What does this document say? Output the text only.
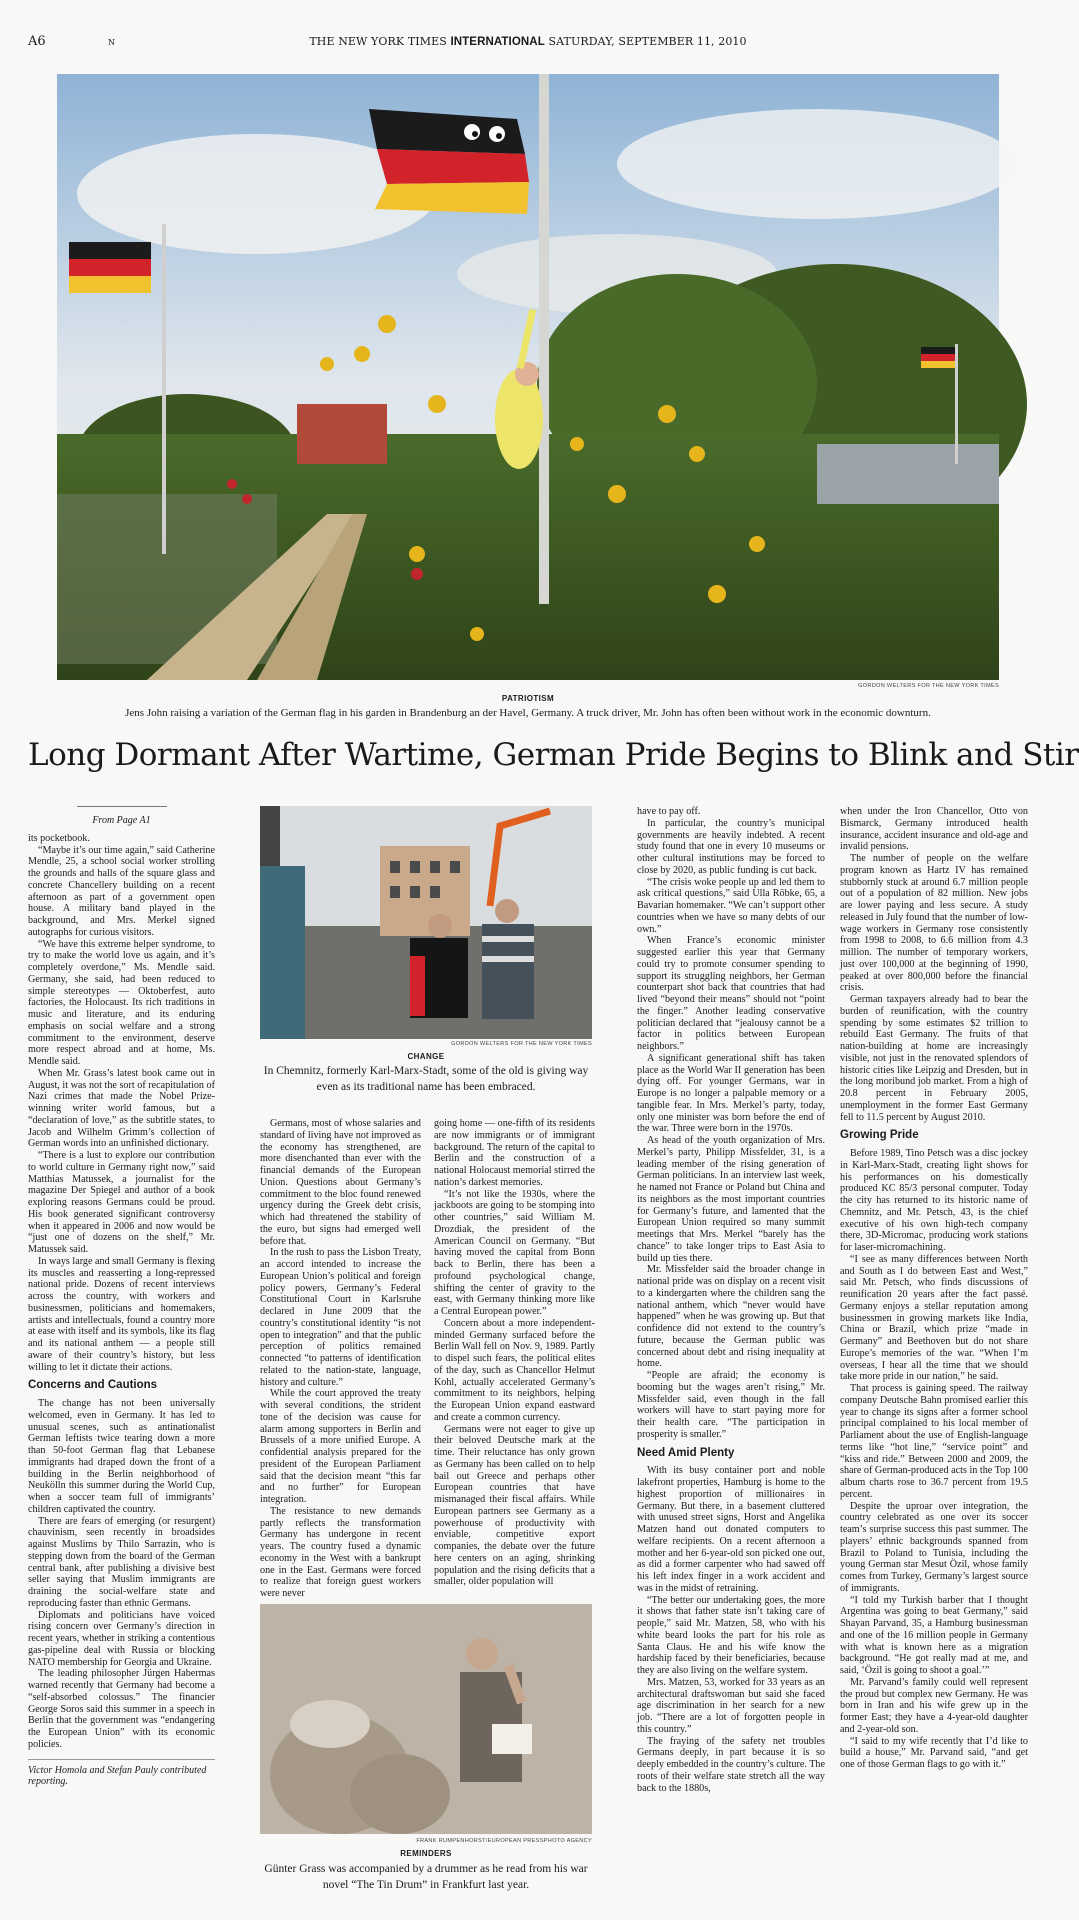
A6	N	THE NEW YORK TIMES INTERNATIONAL SATURDAY, SEPTEMBER 11, 2010
GORDON WELTERS FOR THE NEW YORK TIMES
PATRIOTISM
Jens John raising a variation of the German flag in his garden in Brandenburg an der Havel, Germany. A truck driver, Mr. John has often been without work in the economic downturn.
Long Dormant After Wartime, German Pride Begins to Blink and Stir
GORDON WELTERS FOR THE NEW YORK TIMES
CHANGE
In Chemnitz, formerly Karl-Marx-Stadt, some of the old is giving way even as its traditional name has been embraced.
FRANK RUMPENHORST/EUROPEAN PRESSPHOTO AGENCY
REMINDERS
Günter Grass was accompanied by a drummer as he read from his war novel “The Tin Drum” in Frankfurt last year.
From Page A1

its pocketbook.

“Maybe it’s our time again,” said Catherine Mendle, 25, a school social worker strolling the grounds and halls of the square glass and concrete Chancellery building on a recent afternoon as part of a government open house. A military band played in the background, and Mrs. Merkel signed autographs for curious visitors.

“We have this extreme helper syndrome, to try to make the world love us again, and it’s completely overdone,” Ms. Mendle said. Germany, she said, had been reduced to simple stereotypes — Oktoberfest, auto factories, the Holocaust. Its rich traditions in music and literature, and its enduring emphasis on social welfare and a strong commitment to the environment, deserve more respect abroad and at home, Ms. Mendle said.

When Mr. Grass’s latest book came out in August, it was not the sort of recapitulation of Nazi crimes that made the Nobel Prize-winning writer world famous, but a “declaration of love,” as the subtitle states, to Jacob and Wilhelm Grimm’s collection of German words into an unfinished dictionary.

“There is a lust to explore our contribution to world culture in Germany right now,” said Matthias Matussek, a journalist for the magazine Der Spiegel and author of a book exploring reasons Germans could be proud. His book generated significant controversy when it appeared in 2006 and now would be “just one of dozens on the shelf,” Mr. Matussek said.

In ways large and small Germany is flexing its muscles and reasserting a long-repressed national pride. Dozens of recent interviews across the country, with workers and businessmen, politicians and homemakers, artists and intellectuals, found a country more at ease with itself and its symbols, like its flag and its national anthem — a people still aware of their country’s history, but less willing to let it dictate their actions.

Concerns and Cautions

The change has not been universally welcomed, even in Germany. It has led to unusual scenes, such as antinationalist German leftists twice tearing down a more than 50-foot German flag that Lebanese immigrants had draped down the front of a building in the Berlin neighborhood of Neukölln this summer during the World Cup, when a soccer team full of immigrants’ children captivated the country.

There are fears of emerging (or resurgent) chauvinism, seen recently in broadsides against Muslims by Thilo Sarrazin, who is stepping down from the board of the German central bank, after publishing a divisive best seller saying that Muslim immigrants are draining the social-welfare state and reproducing faster than ethnic Germans.

Diplomats and politicians have voiced rising concern over Germany’s direction in recent years, whether in striking a contentious gas-pipeline deal with Russia or blocking NATO membership for Georgia and Ukraine.

The leading philosopher Jürgen Habermas warned recently that Germany had become a “self-absorbed colossus.” The financier George Soros said this summer in a speech in Berlin that the government was “endangering the European Union” with its economic policies.

Victor Homola and Stefan Pauly contributed reporting.

Germans, most of whose salaries and standard of living have not improved as the economy has strengthened, are more disenchanted than ever with the financial demands of the European Union. Questions about Germany’s commitment to the bloc found renewed urgency during the Greek debt crisis, which had threatened the stability of the euro, but signs had emerged well before that.

In the rush to pass the Lisbon Treaty, an accord intended to increase the European Union’s political and foreign policy powers, Germany’s Federal Constitutional Court in Karlsruhe declared in June 2009 that the country’s constitutional identity “is not open to integration” and that the public perception of politics remained connected “to patterns of identification related to the nation-state, language, history and culture.”

While the court approved the treaty with several conditions, the strident tone of the decision was cause for alarm among supporters in Berlin and Brussels of a more unified Europe. A confidential analysis prepared for the president of the European Parliament said that the decision meant “this far and no further” for European integration.

The resistance to new demands partly reflects the transformation Germany has undergone in recent years. The country fused a dynamic economy in the West with a bankrupt one in the East. Germans were forced to realize that foreign guest workers were never

going home — one-fifth of its residents are now immigrants or of immigrant background. The return of the capital to Berlin and the construction of a national Holocaust memorial stirred the nation’s darkest memories.

“It’s not like the 1930s, where the jackboots are going to be stomping into other countries,” said William M. Drozdiak, the president of the American Council on Germany. “But having moved the capital from Bonn back to Berlin, there has been a profound psychological change, shifting the center of gravity to the east, with Germany thinking more like a Central European power.”

Concern about a more independent-minded Germany surfaced before the Berlin Wall fell on Nov. 9, 1989. Partly to dispel such fears, the political elites of the day, such as Chancellor Helmut Kohl, actually accelerated Germany’s commitment to its neighbors, helping the European Union expand eastward and create a common currency.

Germans were not eager to give up their beloved Deutsche mark at the time. Their reluctance has only grown as Germany has been called on to help bail out Greece and perhaps other European countries that have mismanaged their fiscal affairs. While European partners see Germany as a powerhouse of productivity with enviable, competitive export companies, the debate over the future here centers on an aging, shrinking population and the rising deficits that a smaller, older population will

have to pay off.

In particular, the country’s municipal governments are heavily indebted. A recent study found that one in every 10 museums or other cultural institutions may be forced to close by 2020, as public funding is cut back.

“The crisis woke people up and led them to ask critical questions,” said Ulla Röbke, 65, a Bavarian homemaker. “We can’t support other countries when we have so many debts of our own.”

When France’s economic minister suggested earlier this year that Germany could try to promote consumer spending to support its struggling neighbors, her German counterpart shot back that countries that had lived “beyond their means” should not “point the finger.” Another leading conservative politician declared that “jealousy cannot be a factor in politics between European neighbors.”

A significant generational shift has taken place as the World War II generation has been dying off. For younger Germans, war in Europe is no longer a palpable memory or a tangible fear. In Mrs. Merkel’s party, today, only one minister was born before the end of the war. Three were born in the 1970s.

As head of the youth organization of Mrs. Merkel’s party, Philipp Missfelder, 31, is a leading member of the rising generation of German politicians. In an interview last week, he named not France or Poland but China and its neighbors as the most important countries for Germany’s future, and lamented that the European Union required so many summit meetings that Mrs. Merkel “barely has the chance” to take longer trips to East Asia to build up ties there.

Mr. Missfelder said the broader change in national pride was on display on a recent visit to a kindergarten where the children sang the national anthem, which “never would have happened” when he was growing up. But that confidence did not extend to the country’s future, because the German public was concerned about debt and rising inequality at home.

“People are afraid; the economy is booming but the wages aren’t rising,” Mr. Missfelder said, even though in the fall workers will have to start paying more for their health care. “The participation in prosperity is smaller.”

Need Amid Plenty

With its busy container port and noble lakefront properties, Hamburg is home to the highest proportion of millionaires in Germany. But there, in a basement cluttered with unused street signs, Horst and Angelika Matzen hand out donated computers to welfare recipients. On a recent afternoon a mother and her 6-year-old son picked one out, as did a former carpenter who had sawed off his left index finger in a work accident and was in the midst of retraining.

“The better our undertaking goes, the more it shows that father state isn’t taking care of people,” said Mr. Matzen, 58, who with his white beard looks the part for his role as Santa Claus. He and his wife know the hardship faced by their beneficiaries, because they are also living on the welfare system.

Mrs. Matzen, 53, worked for 33 years as an architectural draftswoman but said she faced age discrimination in her search for a new job. “There are a lot of forgotten people in this country.”

The fraying of the safety net troubles Germans deeply, in part because it is so deeply embedded in the country’s culture. The roots of their welfare state stretch all the way back to the 1880s,

when under the Iron Chancellor, Otto von Bismarck, Germany introduced health insurance, accident insurance and old-age and invalid pensions.

The number of people on the welfare program known as Hartz IV has remained stubbornly stuck at around 6.7 million people out of a population of 82 million. New jobs are lower paying and less secure. A study released in July found that the number of low-wage workers in Germany rose consistently from 1998 to 2008, to 6.6 million from 4.3 million. The number of temporary workers, just over 100,000 at the beginning of 1990, peaked at over 800,000 before the financial crisis.

German taxpayers already had to bear the burden of reunification, with the country spending by some estimates $2 trillion to rebuild East Germany. The fruits of that nation-building at home are increasingly visible, not just in the renovated splendors of historic cities like Leipzig and Dresden, but in the long moribund job market. From a high of 20.8 percent in February 2005, unemployment in the former East Germany fell to 11.5 percent by August 2010.

Growing Pride

Before 1989, Tino Petsch was a disc jockey in Karl-Marx-Stadt, creating light shows for his performances on his domestically produced KC 85/3 personal computer. Today the city has returned to its historic name of Chemnitz, and Mr. Petsch, 43, is the chief executive of his own high-tech company there, 3D-Micromac, producing work stations for laser-micromachining.

“I see as many differences between North and South as I do between East and West,” said Mr. Petsch, who finds discussions of reunification 20 years after the fact passé. Germany enjoys a stellar reputation among businessmen in growing markets like India, China or Brazil, which prize “made in Germany” and Beethoven but do not share Europe’s memories of the war. “When I’m overseas, I hear all the time that we should take more pride in our nation,” he said.

That process is gaining speed. The railway company Deutsche Bahn promised earlier this year to change its signs after a former school principal complained to his local member of Parliament about the use of English-language terms like “hot line,” “service point” and “kiss and ride.” Between 2000 and 2009, the share of German-produced acts in the Top 100 album charts rose to 36.7 percent from 19.5 percent.

Despite the uproar over integration, the country celebrated as one over its soccer team’s surprise success this past summer. The players’ ethnic backgrounds spanned from Brazil to Poland to Tunisia, including the young German star Mesut Özil, whose family comes from Turkey, Germany’s largest source of immigrants.

“I told my Turkish barber that I thought Argentina was going to beat Germany,” said Shayan Parvand, 35, a Hamburg businessman and one of the 16 million people in Germany with what is known here as a migration background. “He got really mad at me, and said, ‘Özil is going to shoot a goal.’”

Mr. Parvand’s family could well represent the proud but complex new Germany. He was born in Iran and his wife grew up in the former East; they have a 4-year-old daughter and 2-year-old son.

“I said to my wife recently that I’d like to build a house,” Mr. Parvand said, “and get one of those German flags to go with it.”
